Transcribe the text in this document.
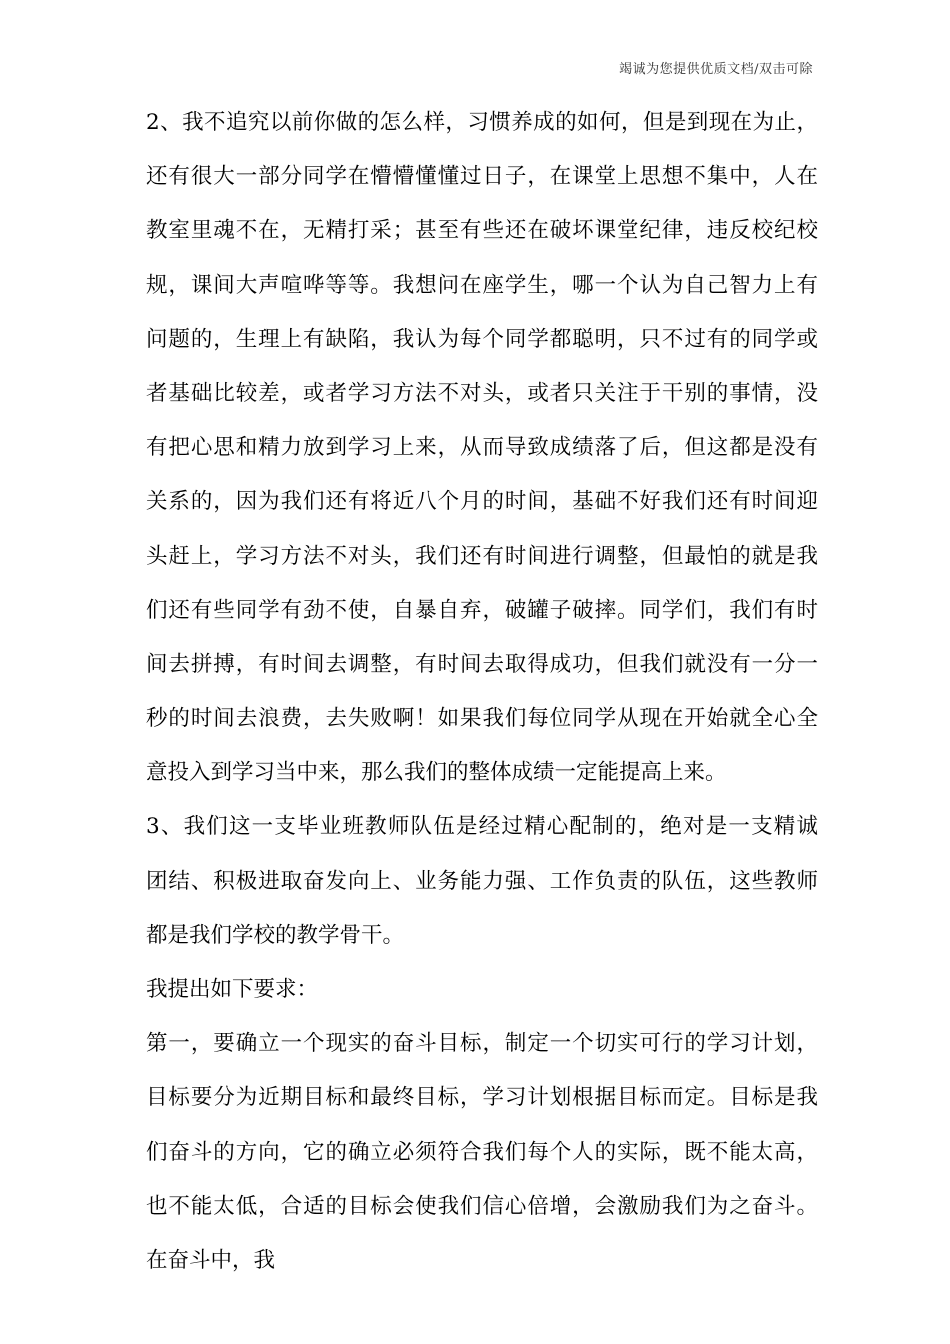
竭诚为您提供优质文档/双击可除
2、我不追究以前你做的怎么样，习惯养成的如何，但是到现在为止，
还有很大一部分同学在懵懵懂懂过日子，在课堂上思想不集中，人在
教室里魂不在，无精打采；甚至有些还在破坏课堂纪律，违反校纪校
规，课间大声喧哗等等。我想问在座学生，哪一个认为自己智力上有
问题的，生理上有缺陷，我认为每个同学都聪明，只不过有的同学或
者基础比较差，或者学习方法不对头，或者只关注于干别的事情，没
有把心思和精力放到学习上来，从而导致成绩落了后，但这都是没有
关系的，因为我们还有将近八个月的时间，基础不好我们还有时间迎
头赶上，学习方法不对头，我们还有时间进行调整，但最怕的就是我
们还有些同学有劲不使，自暴自弃，破罐子破摔。同学们，我们有时
间去拼搏，有时间去调整，有时间去取得成功，但我们就没有一分一
秒的时间去浪费，去失败啊！如果我们每位同学从现在开始就全心全
意投入到学习当中来，那么我们的整体成绩一定能提高上来。
3、我们这一支毕业班教师队伍是经过精心配制的，绝对是一支精诚
团结、积极进取奋发向上、业务能力强、工作负责的队伍，这些教师
都是我们学校的教学骨干。
我提出如下要求：
第一，要确立一个现实的奋斗目标，制定一个切实可行的学习计划，
目标要分为近期目标和最终目标，学习计划根据目标而定。目标是我
们奋斗的方向，它的确立必须符合我们每个人的实际，既不能太高，
也不能太低，合适的目标会使我们信心倍增，会激励我们为之奋斗。
在奋斗中，我
